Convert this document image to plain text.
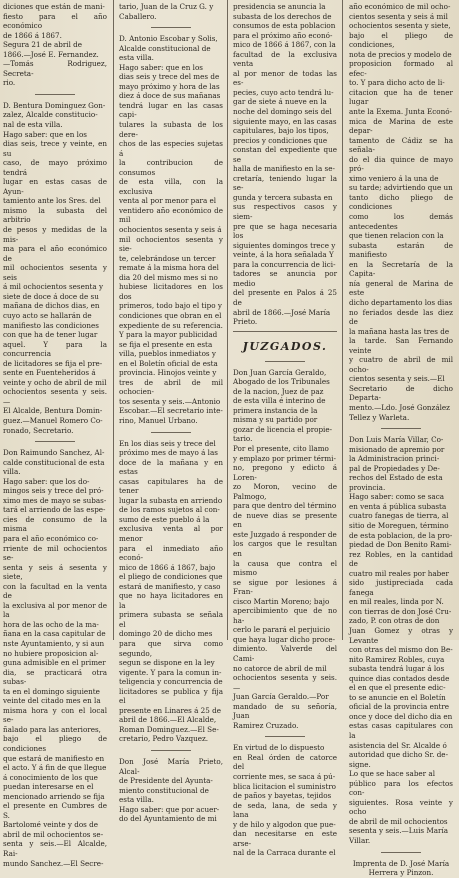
diciones que están de mani-
fiesto para el año económico
de 1866 á 1867.
Segura 21 de abril de
1866.—José E. Fernandez.
—Tomás Rodriguez, Secreta-
rio.

D. Bentura Dominguez Gon-
zalez, Alcalde constitucio-
nal de esta villa.
Hago saber: que en los
dias seis, trece y veinte, en su
caso, de mayo próximo tendrá
lugar en estas casas de Ayun-
tamiento ante los Sres. del
mismo la subasta del arbitrio
de pesos y medidas de la mis-
ma para el año económico de
mil ochocientos sesenta y seis
á mil ochocientos sesenta y
siete de doce á doce de su
mañana de dichos dias, en
cuyo acto se hallarán de
manifiesto las condiciones
con que ha de tener lugar
aquel. Y para la concurrencia
de licitadores se fija el pre-
sente en Fuenteheridos á
veinte y ocho de abril de mil
ochocientos sesenta y seis.—
El Alcalde, Bentura Domin-
guez.—Manuel Romero Co-
ronado, Secretario.

Don Raimundo Sanchez, Al-
calde constitucional de esta
villa.
Hago saber: que los do-
mingos seis y trece del pró-
ximo mes de mayo se subas-
tará el arriendo de las espe-
cies de consumo de la misma
para el año económico co-
rriente de mil ochocientos se-
senta y seis á sesenta y siete,
con la facultad en la venta de
la exclusiva al por menor de la
hora de las ocho de la ma-
ñana en la casa capitular de
nste Ayuntamiento, y si aun
no hubiere proposicion al-
guna admisible en el primer
dia, se practicará otra subas-
ta en el domingo siguiente
veinte del citado mes en la
misma hora y con el local se-
ñalado para las anteriores,
bajo el pliego de condiciones
que estará de manifiesto en
el acto. Y á fin de que llegue
á conocimiento de los que
puedan interesarse en el
mencionado arriendo se fija
el presente en Cumbres de S.
Bartolomé veinte y dos de
abril de mil ochocientos se-
senta y seis.—El Alcalde, Rai-
mundo Sanchez.—El Secre-

tario, Juan de la Cruz G. y
Caballero.

D. Antonio Escobar y Solis,
Alcalde constitucional de
esta villa.
Hago saber: que en los
dias seis y trece del mes de
mayo próximo y hora de las
diez á doce de sus mañanas
tendrá lugar en las casas capi-
tulares la subasta de los dere-
chos de las especies sujetas á
la contribucion de consumos
de esta villa, con la exclusiva
venta al por menor para el
ventidero año económico de mil
ochocientos sesenta y seis á
mil ochocientos sesenta y sie-
te, celebrándose un tercer
remate á la misma hora del
dia 20 del mismo mes si no
hubiese licitadores en los dos
primeros, todo bajo el tipo y
condiciones que obran en el
expediente de su referencia.
Y para la mayor publicidad
se fija el presente en esta
villa, pueblos inmediatos y
en el Boletín oficial de esta
provincia. Hinojos veinte y
tres de abril de mil ochocien-
tos sesenta y seis.—Antonio
Escobar.—El secretario inte-
rino, Manuel Urbano.

En los dias seis y trece del
próximo mes de mayo á las
doce de la mañana y en estas
casas capitulares ha de tener
lugar la subasta en arriendo
de los ramos sujetos al con-
sumo de este pueblo á la
exclusiva venta al por menor
para el inmediato año econó-
mico de 1866 á 1867, bajo
el pliego de condiciones que
estará de manifiesto, y caso
que no haya licitadores en la
primera subasta se señala el
domingo 20 de dicho mes
para que sirva como segundo,
segun se dispone en la ley
vigente. Y para la comun in-
teligencia y concurrencia de
licitadores se publica y fija el
presente en Linares á 25 de
abril de 1866.—El Alcalde,
Roman Dominguez.—El Se-
cretario, Pedro Vazquez.

Don José María Prieto, Alcal-
de Presidente del Ayunta-
miento constitucional de
esta villa.
Hago saber: que por acuer-
do del Ayuntamiento de mi

presidencia se anuncia la
subasta de los derechos de
consumos de esta poblacion
para el próximo año econó-
mico de 1866 á 1867, con la
facultad de la exclusiva venta
al por menor de todas las es-
pecies, cuyo acto tendrá lu-
gar de siete á nueve en la
noche del domingo seis del
siguiente mayo, en las casas
capitulares, bajo los tipos,
precios y condiciones que
constan del expediente que se
halla de manifiesto en la se-
cretaría, teniendo lugar la se-
gunda y tercera subasta en
sus respectivos casos y siem-
pre que se haga necesaria los
siguientes domingos trece y
veinte, á la hora señalada Y
para la concurrencia de lici-
tadores se anuncia por medio
del presente en Palos á 25 de
abril de 1866.—José María
Prieto.

JUZGADOS.

Don Juan García Geraldo,
Abogado de los Tribunales
de la nacion, Juez de paz
de esta villa é interino de
primera instancia de la
misma y su partido por
gozar de licencia el propie-
tario.
Por el presente, cito llamo
y emplazo por primer térmi-
no, pregono y edicto á Loren-
zo Moron, vecino de Palmogo,
para que dentro del término
de nueve dias se presente en
este Juzgado á responder de
los cargos que le resultan en
la causa que contra el mismo
se sigue por lesiones á Fran-
cisco Martin Moreno; bajo
apercibimiento que de no ha-
cerlo le parará el perjuicio
que haya lugar dicho proce-
dimiento. Valverde del Cami-
no catorce de abril de mil
ochocientos sesenta y seis.—
Juan García Geraldo.—Por
mandado de su señoría, Juan
Ramirez Cruzado.

En virtud de lo dispuesto
en Real órden de catorce del
corriente mes, se saca á pú-
blica licitacion el suministro
de paños y bayetas, tejidos
de seda, lana, de seda y lana
y de hilo y algodon que pue-
dan necesitarse en este arse-
nal de la Carraca durante el

año económico de mil ocho-
cientos sesenta y seis á mil
ochocientos sesenta y siete,
bajo el pliego de condiciones,
nota de precios y modelo de
proposicion formado al efec-
to. Y para dicho acto de li-
citacion que ha de tener lugar
ante la Exema. Junta Econó-
mica de Marina de este depar-
tamento de Cádiz se ha señala-
do el dia quince de mayo pró-
ximo veniero á la una de
su tarde; advirtiendo que un
tanto dicho pliego de condiciones
como los demás antecedentes
que tienen relacion con la
subasta estarán de manifiesto
en la Secretaría de la Capita-
nía general de Marina de este
dicho departamento los dias
no feriados desde las diez de
la mañana hasta las tres de
la tarde. San Fernando veinte
y cuatro de abril de mil ocho-
cientos sesenta y seis.—El
Secretario de dicho Departa-
mento.—Ldo. José González
Tellez y Warleta.

Don Luis María Villar, Co-
misionado de apremio por
la Administracion princi-
pal de Propiedades y De-
rechos del Estado de esta
provincia.
Hago saber: como se saca
en venta á pública subasta
cuatro fanegas de tierra, al
sitio de Moreguen, término
de esta poblacion, de la pro-
piedad de Don Benito Rami-
rez Robles, en la cantidad de
cuatro mil reales por haber
sido justipreciada cada fanega
en mil reales, linda por N.
con tierras de don José Cru-
zado, P. con otras de don
Juan Gomez y otras y Levante
con otras del mismo don Be-
nito Ramirez Robles, cuya
subasta tendrá lugar á los
quince dias contados desde
el en que el presente edic-
to se anuncie en el Boletín
oficial de la provincia entre
once y doce del dicho dia en
estas casas capitulares con la
asistencia del Sr. Alcalde ó
autoridad que dicho Sr. de-
signe.
Lo que se hace saber al
público para los efectos con-
siguientes. Rosa veinte y ocho
de abril de mil ochocientos
sesenta y seis.—Luis María
Villar.

Imprenta de D. José María
Herrera y Pinzon.
